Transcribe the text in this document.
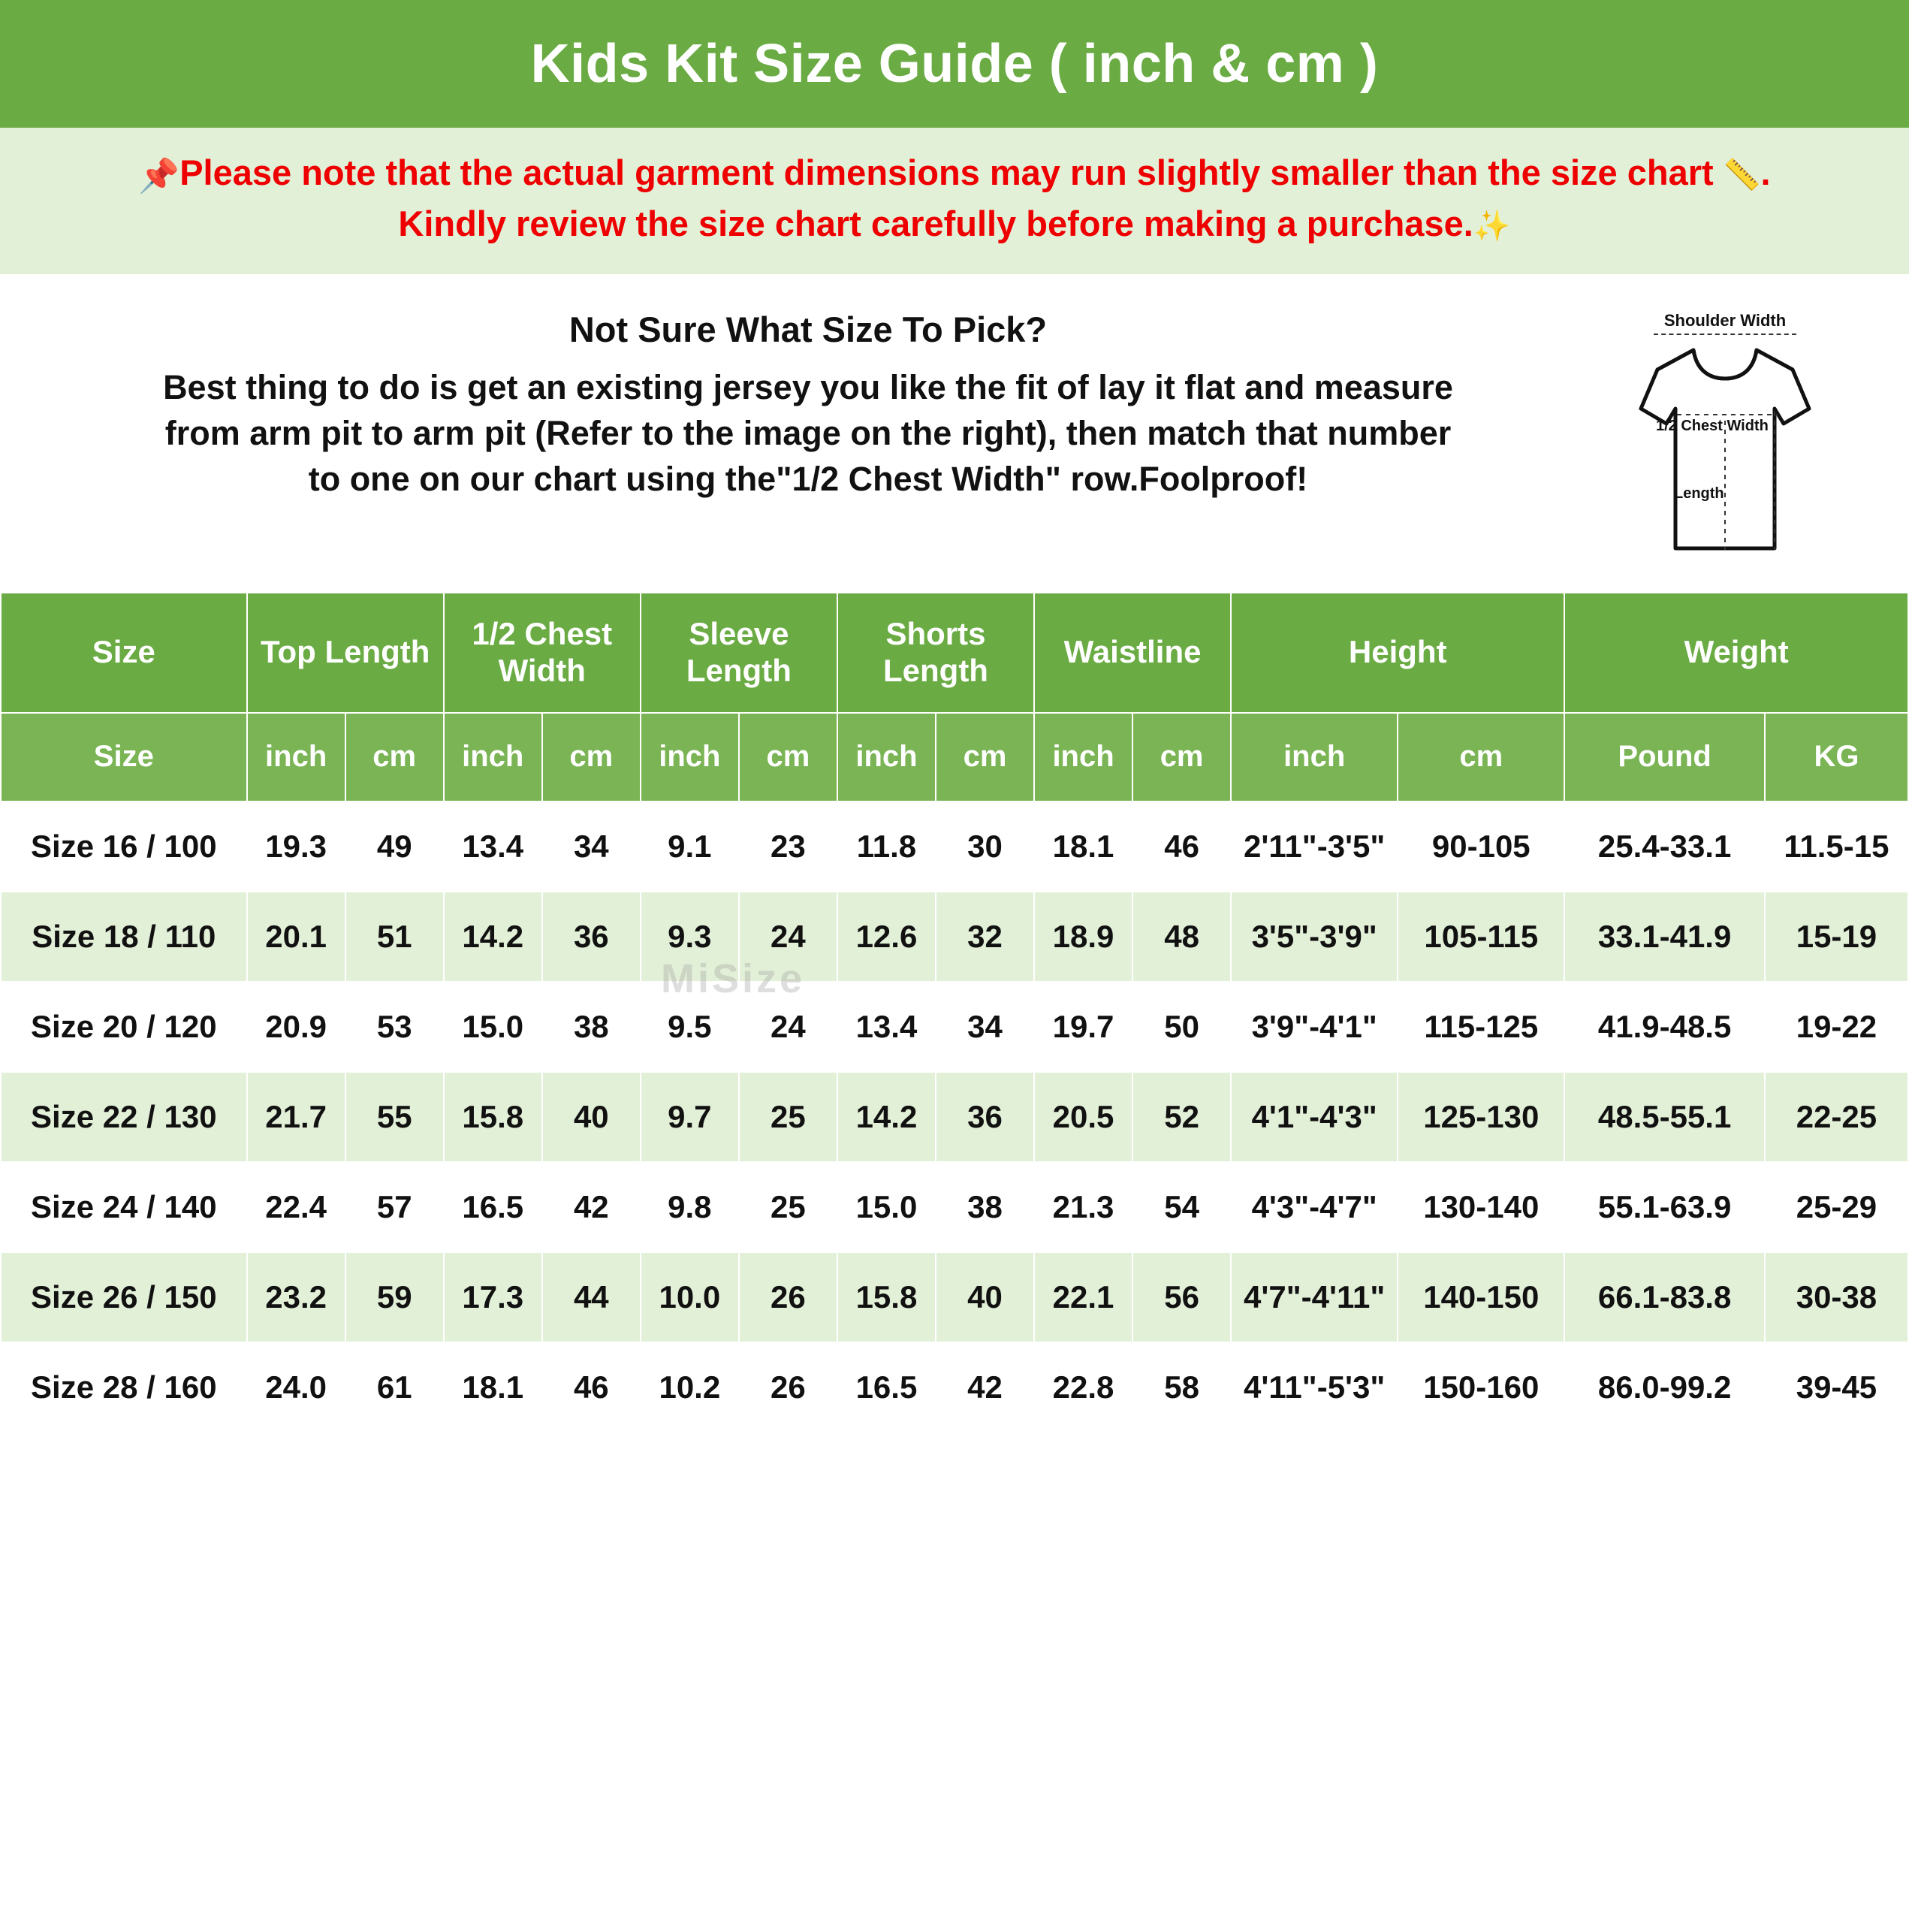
Kids Kit Size Guide ( inch & cm )

📌Please note that the actual garment dimensions may run slightly smaller than the size chart 📏.

Kindly review the size chart carefully before making a purchase.✨

Not Sure What Size To Pick?

Best thing to do is get an existing jersey you like the fit of lay it flat and measure

from arm pit to arm pit (Refer to the image on the right), then match that number

to one on our chart using the"1/2 Chest Width" row.Foolproof!

Shoulder Width
1/2 Chest Width
Length
MiSize
Size	Top Length		1/2 Chest Width		Sleeve Length		Shorts Length		Waistline		Height		Weight	
Size	inch	cm	inch	cm	inch	cm	inch	cm	inch	cm	inch	cm	Pound	KG
Size 16 / 100	19.3	49	13.4	34	9.1	23	11.8	30	18.1	46	2'11"-3'5"	90-105	25.4-33.1	11.5-15
Size 18 / 110	20.1	51	14.2	36	9.3	24	12.6	32	18.9	48	3'5"-3'9"	105-115	33.1-41.9	15-19
Size 20 / 120	20.9	53	15.0	38	9.5	24	13.4	34	19.7	50	3'9"-4'1"	115-125	41.9-48.5	19-22
Size 22 / 130	21.7	55	15.8	40	9.7	25	14.2	36	20.5	52	4'1"-4'3"	125-130	48.5-55.1	22-25
Size 24 / 140	22.4	57	16.5	42	9.8	25	15.0	38	21.3	54	4'3"-4'7"	130-140	55.1-63.9	25-29
Size 26 / 150	23.2	59	17.3	44	10.0	26	15.8	40	22.1	56	4'7"-4'11"	140-150	66.1-83.8	30-38
Size 28 / 160	24.0	61	18.1	46	10.2	26	16.5	42	22.8	58	4'11"-5'3"	150-160	86.0-99.2	39-45
